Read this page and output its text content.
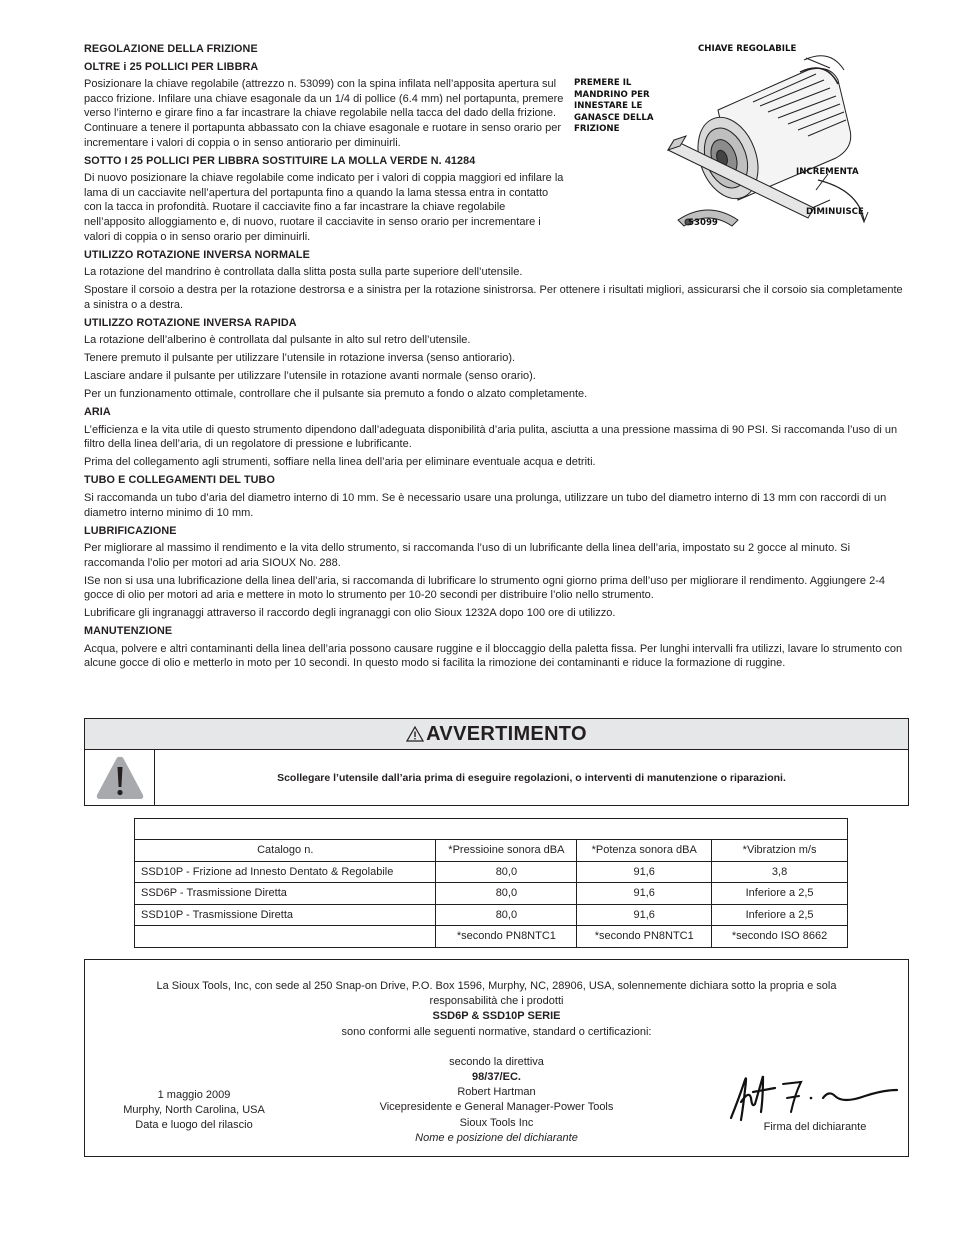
REGOLAZIONE DELLA FRIZIONE
OLTRE i 25 POLLICI PER LIBBRA
Posizionare la chiave regolabile (attrezzo n. 53099) con la spina infilata nell’apposita apertura sul pacco frizione. Infilare una chiave esagonale da un 1/4 di pollice (6.4 mm) nel portapunta, premere verso l’interno e girare fino a far incastrare la chiave regolabile nella tacca del dado della frizione. Continuare a tenere il portapunta abbassato con la chiave esagonale e ruotare in senso orario per incrementare i valori di coppia o in senso antiorario per diminuirli.
SOTTO I 25 POLLICI PER LIBBRA SOSTITUIRE LA MOLLA VERDE N. 41284
Di nuovo posizionare la chiave regolabile come indicato per i valori di coppia maggiori ed infilare la lama di un cacciavite nell’apertura del portapunta fino a quando la lama stessa entra in contatto con la tacca in profondità. Ruotare il cacciavite fino a far incastrare la chiave regolabile nell’apposito alloggiamento e, di nuovo, ruotare il cacciavite in senso orario per incrementare i valori di coppia o in senso orario per diminuirli.
UTILIZZO ROTAZIONE INVERSA NORMALE
La rotazione del mandrino è controllata dalla slitta posta sulla parte superiore dell’utensile.
Spostare il corsoio a destra per la rotazione destrorsa e a sinistra per la rotazione sinistrorsa. Per ottenere i risultati migliori, assicurarsi che il corsoio sia completamente a sinistra o a destra.
UTILIZZO ROTAZIONE INVERSA RAPIDA
La rotazione dell’alberino è controllata dal pulsante in alto sul retro dell’utensile.
Tenere premuto il pulsante per utilizzare l’utensile in rotazione inversa (senso antiorario).
Lasciare andare il pulsante per utilizzare l’utensile in rotazione avanti normale (senso orario).
Per un funzionamento ottimale, controllare che il pulsante sia premuto a fondo o alzato completamente.
ARIA
L’efficienza e la vita utile di questo strumento dipendono dall’adeguata disponibilità d’aria pulita, asciutta a una pressione massima di 90 PSI. Si raccomanda l’uso di un filtro della linea dell’aria, di un regolatore di pressione e lubrificante.
Prima del collegamento agli strumenti, soffiare nella linea dell’aria per eliminare eventuale acqua e detriti.
TUBO E COLLEGAMENTI DEL TUBO
Si raccomanda un tubo d’aria del diametro interno di 10 mm. Se è necessario usare una prolunga, utilizzare un tubo del diametro interno di 13 mm con raccordi di un diametro interno minimo di 10 mm.
LUBRIFICAZIONE
Per migliorare al massimo il rendimento e la vita dello strumento, si raccomanda l’uso di un lubrificante della linea dell’aria, impostato su 2 gocce al minuto. Si raccomanda l’olio per motori ad aria SIOUX No. 288.
ISe non si usa una lubrificazione della linea dell’aria, si raccomanda di lubrificare lo strumento ogni giorno prima dell’uso per migliorare il rendimento. Aggiungere 2-4 gocce di olio per motori ad aria e mettere in moto lo strumento per 10-20 secondi per distribuire l’olio nello strumento.
Lubrificare gli ingranaggi attraverso il raccordo degli ingranaggi con olio Sioux 1232A dopo 100 ore di utilizzo.
MANUTENZIONE
Acqua, polvere e altri contaminanti della linea dell’aria possono causare ruggine e il bloccaggio della paletta fissa. Per lunghi intervalli fra utilizzi, lavare lo strumento con alcune gocce di olio e metterlo in moto per 10 secondi. In questo modo si facilita la rimozione dei contaminanti e riduce la formazione di ruggine.
CHIAVE REGOLABILE
PREMERE IL
MANDRINO PER
INNESTARE LE
GANASCE DELLA
FRIZIONE
INCREMENTA
DIMINUISCE
53099
AVVERTIMENTO
Scollegare l’utensile dall’aria prima di eseguire regolazioni, o interventi di manutenzione o riparazioni.

Catalogo n.	*Pressioine sonora dBA	*Potenza sonora dBA	*Vibratzion m/s
SSD10P - Frizione ad Innesto Dentato & Regolabile	80,0	91,6	3,8
SSD6P - Trasmissione Diretta	80,0	91,6	Inferiore a 2,5
SSD10P - Trasmissione Diretta	80,0	91,6	Inferiore a 2,5
	*secondo PN8NTC1	*secondo PN8NTC1	*secondo ISO 8662
La Sioux Tools, Inc, con sede al 250 Snap-on Drive, P.O. Box 1596, Murphy, NC, 28906, USA, solennemente dichiara sotto la propria e sola
responsabilità che i prodotti
SSD6P & SSD10P SERIE
sono conformi alle seguenti normative, standard o certificazioni:
secondo la direttiva
98/37/EC.
Robert Hartman
Vicepresidente e General Manager-Power Tools
Sioux Tools Inc
Nome e posizione del dichiarante
1 maggio 2009
Murphy, North Carolina, USA
Data e luogo del rilascio	Firma del dichiarante
